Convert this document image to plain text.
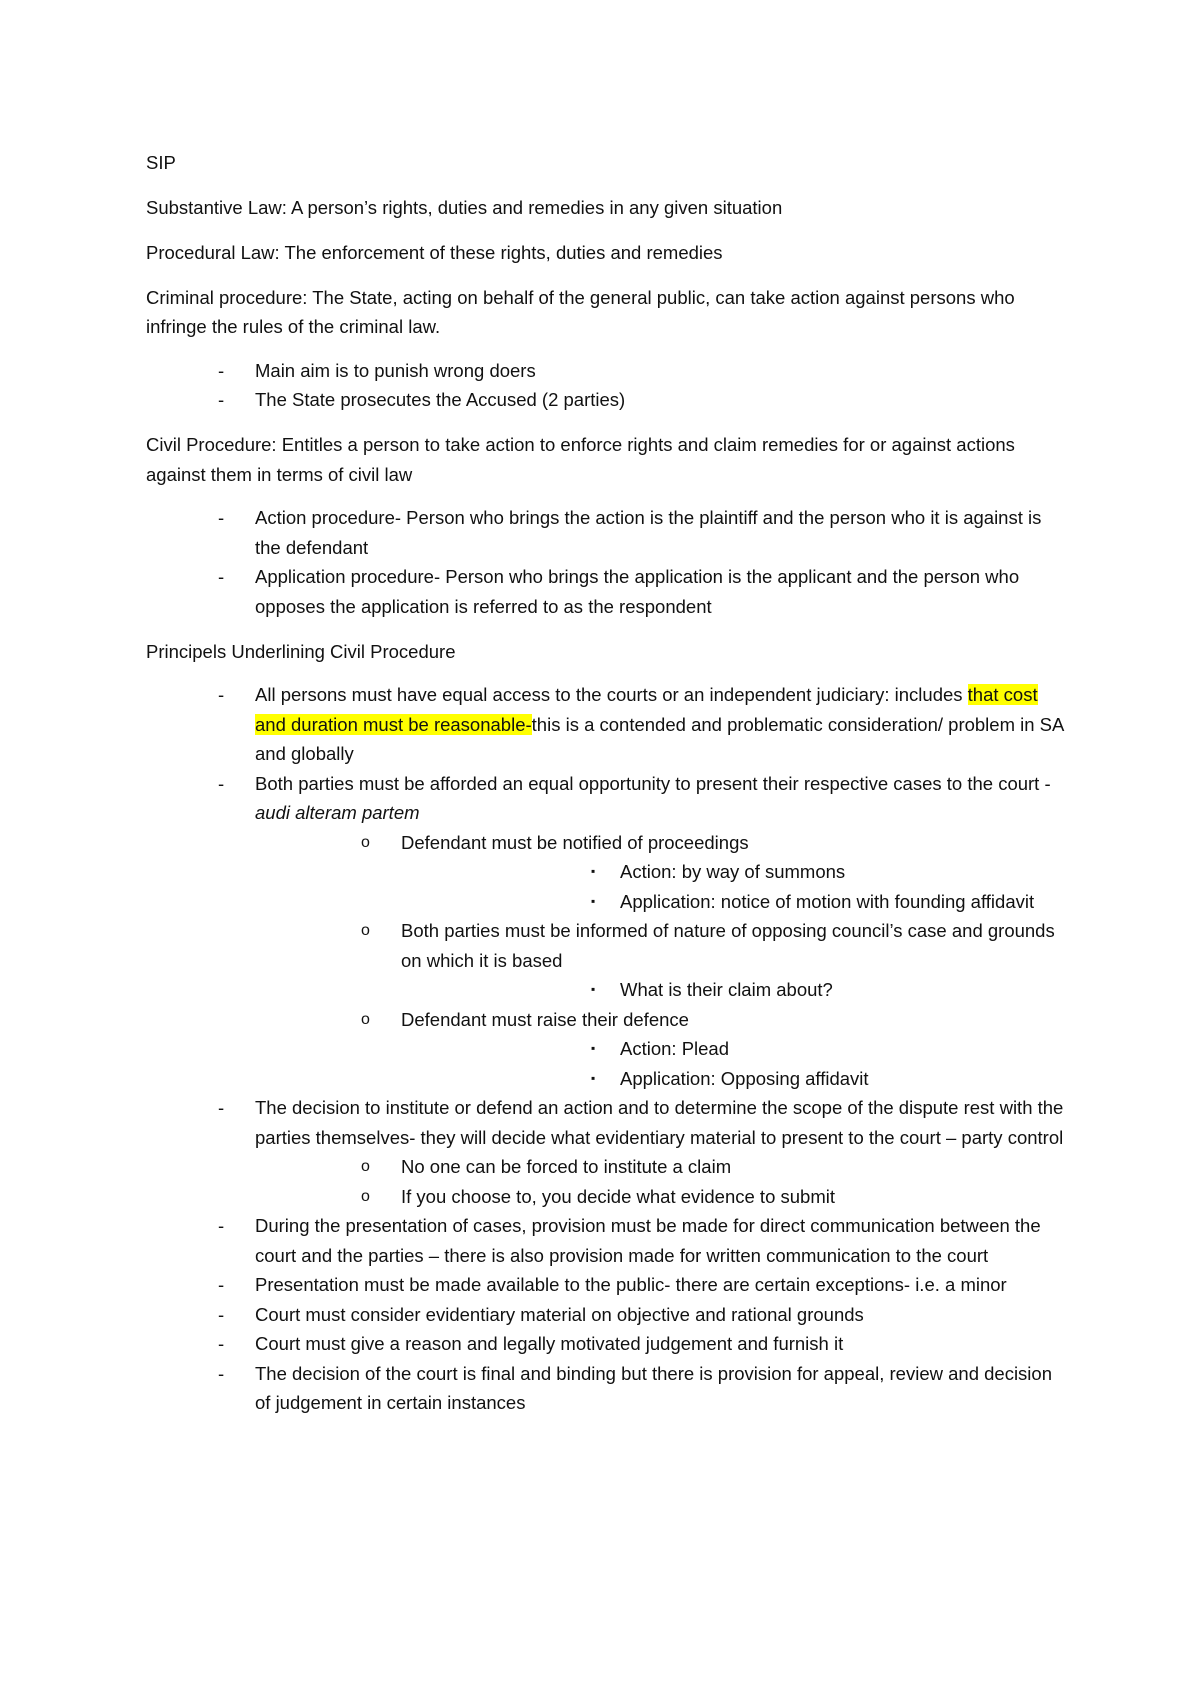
SIP

Substantive Law: A person’s rights, duties and remedies in any given situation

Procedural Law: The enforcement of these rights, duties and remedies

Criminal procedure: The State, acting on behalf of the general public, can take action against persons who infringe the rules of the criminal law.

- Main aim is to punish wrong doers
- The State prosecutes the Accused (2 parties)

Civil Procedure: Entitles a person to take action to enforce rights and claim remedies for or against actions against them in terms of civil law

- Action procedure- Person who brings the action is the plaintiff and the person who it is against is the defendant
- Application procedure- Person who brings the application is the applicant and the person who opposes the application is referred to as the respondent

Principels Underlining Civil Procedure

- All persons must have equal access to the courts or an independent judiciary: includes that cost and duration must be reasonable-this is a contended and problematic consideration/ problem in SA and globally
- Both parties must be afforded an equal opportunity to present their respective cases to the court - audi alteram partem
o Defendant must be notified of proceedings
▪ Action: by way of summons
▪ Application: notice of motion with founding affidavit
o Both parties must be informed of nature of opposing council’s case and grounds on which it is based
▪ What is their claim about?
o Defendant must raise their defence
▪ Action: Plead
▪ Application: Opposing affidavit
- The decision to institute or defend an action and to determine the scope of the dispute rest with the parties themselves- they will decide what evidentiary material to present to the court – party control
o No one can be forced to institute a claim
o If you choose to, you decide what evidence to submit
- During the presentation of cases, provision must be made for direct communication between the court and the parties – there is also provision made for written communication to the court
- Presentation must be made available to the public- there are certain exceptions- i.e. a minor
- Court must consider evidentiary material on objective and rational grounds
- Court must give a reason and legally motivated judgement and furnish it
- The decision of the court is final and binding but there is provision for appeal, review and decision of judgement in certain instances
